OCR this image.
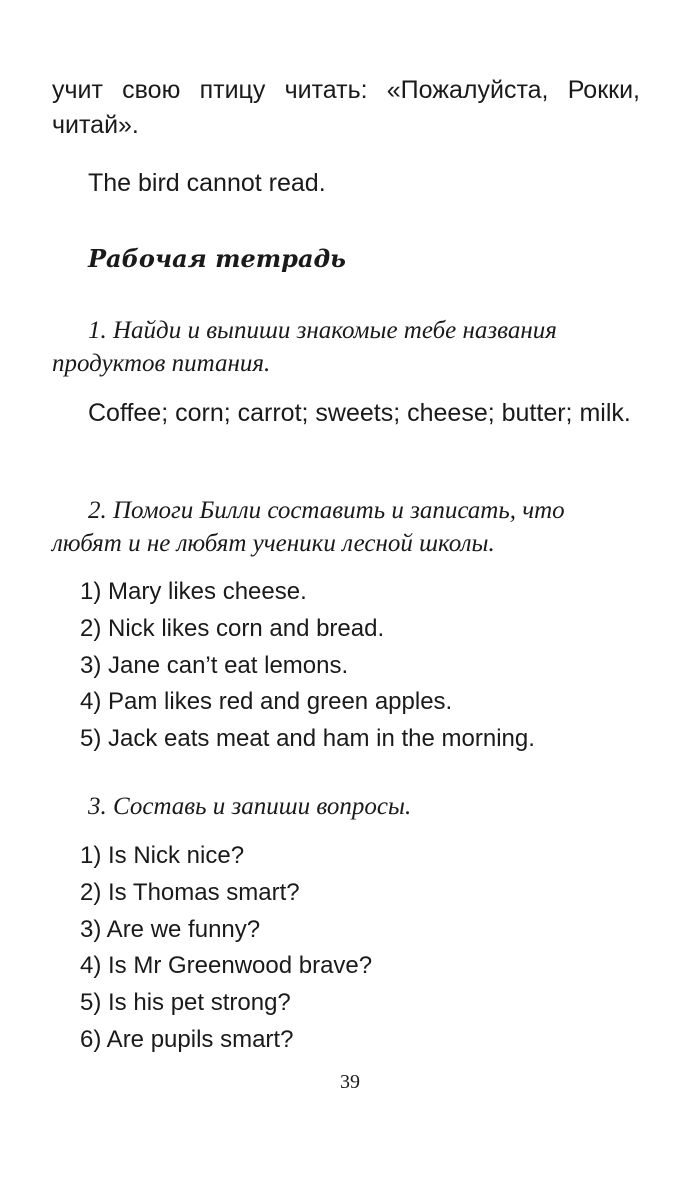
учит свою птицу читать: «Пожалуйста, Рокки, читай».
The bird cannot read.
Рабочая тетрадь
1. Найди и выпиши знакомые тебе названия продуктов питания.
Coffee; corn; carrot; sweets; cheese; butter; milk.
2. Помоги Билли составить и записать, что любят и не любят ученики лесной школы.
1) Mary likes cheese.
2) Nick likes corn and bread.
3) Jane can’t eat lemons.
4) Pam likes red and green apples.
5) Jack eats meat and ham in the morning.
3. Составь и запиши вопросы.
1) Is Nick nice?
2) Is Thomas smart?
3) Are we funny?
4) Is Mr Greenwood brave?
5) Is his pet strong?
6) Are pupils smart?
39
